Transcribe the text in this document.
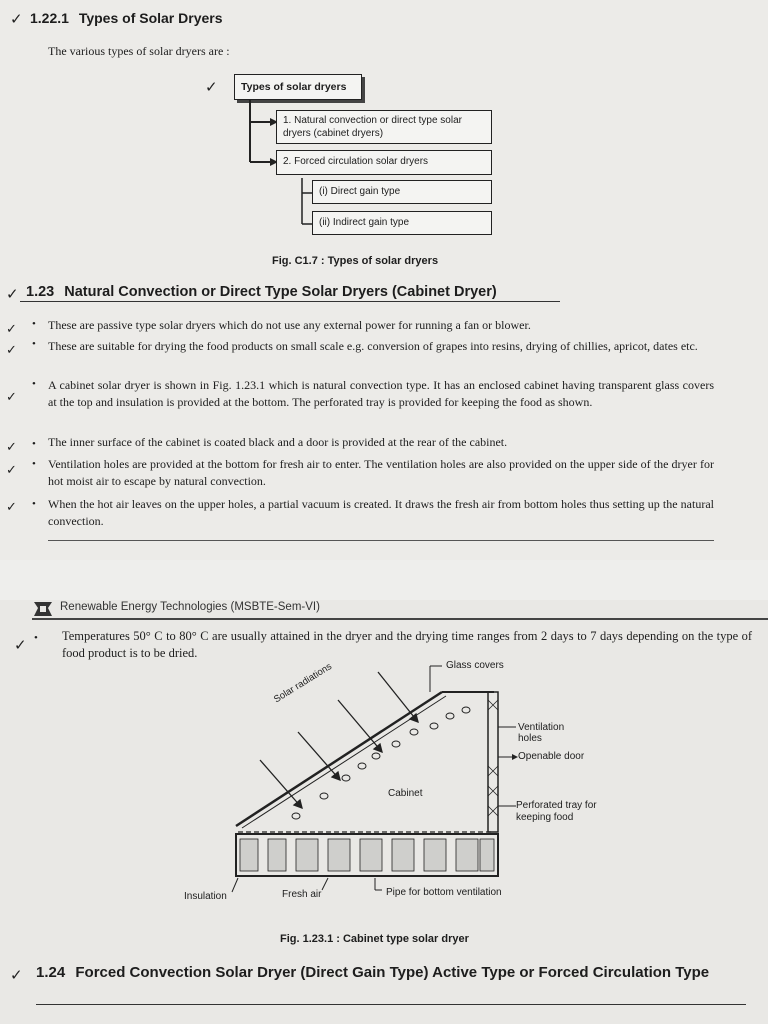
✓ 1.22.1 Types of Solar Dryers
The various types of solar dryers are :
✓	Types of solar dryers
1. Natural convection or direct type solar dryers (cabinet dryers)
2. Forced circulation solar dryers
(i) Direct gain type
(ii) Indirect gain type
Fig. C1.7 : Types of solar dryers
✓ 1.23 Natural Convection or Direct Type Solar Dryers (Cabinet Dryer)
✓ • These are passive type solar dryers which do not use any external power for running a fan or blower.
✓ • These are suitable for drying the food products on small scale e.g. conversion of grapes into resins, drying of chillies, apricot, dates etc.
✓
• A cabinet solar dryer is shown in Fig. 1.23.1 which is natural convection type. It has an enclosed cabinet having transparent glass covers at the top and insulation is provided at the bottom. The perforated tray is provided for keeping the food as shown.
✓ • The inner surface of the cabinet is coated black and a door is provided at the rear of the cabinet.
✓ • Ventilation holes are provided at the bottom for fresh air to enter. The ventilation holes are also provided on the upper side of the dryer for hot moist air to escape by natural convection.
✓ • When the hot air leaves on the upper holes, a partial vacuum is created. It draws the fresh air from bottom holes thus setting up the natural convection.
Renewable Energy Technologies (MSBTE-Sem-VI)
✓ • Temperatures 50° C to 80° C are usually attained in the dryer and the drying time ranges from 2 days to 7 days depending on the type of food product is to be dried.
Glass covers
Solar radiations
Ventilation holes
Openable door
Cabinet
Perforated tray for keeping food
Insulation	Fresh air	Pipe for bottom ventilation
Fig. 1.23.1 : Cabinet type solar dryer
✓ 1.24 Forced Convection Solar Dryer (Direct Gain Type) Active Type or Forced Circulation Type
